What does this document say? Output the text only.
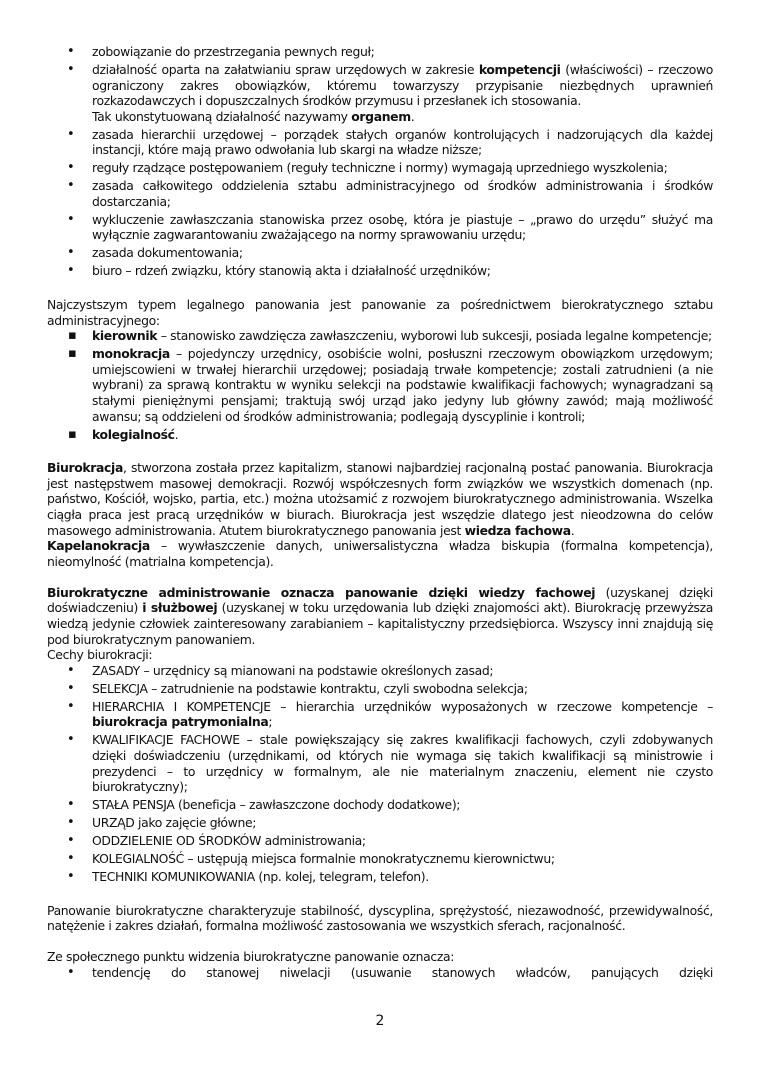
• zobowiązanie do przestrzegania pewnych reguł;
• działalność oparta na załatwianiu spraw urzędowych w zakresie kompetencji (właściwości) – rzeczowo ograniczony zakres obowiązków, któremu towarzyszy przypisanie niezbędnych uprawnień rozkazodawczych i dopuszczalnych środków przymusu i przesłanek ich stosowania.
Tak ukonstytuowaną działalność nazywamy organem.
• zasada hierarchii urzędowej – porządek stałych organów kontrolujących i nadzorujących dla każdej instancji, które mają prawo odwołania lub skargi na władze niższe;
• reguły rządzące postępowaniem (reguły techniczne i normy) wymagają uprzedniego wyszkolenia;
• zasada całkowitego oddzielenia sztabu administracyjnego od środków administrowania i środków dostarczania;
• wykluczenie zawłaszczania stanowiska przez osobę, która je piastuje – „prawo do urzędu” służyć ma wyłącznie zagwarantowaniu zważającego na normy sprawowaniu urzędu;
• zasada dokumentowania;
• biuro – rdzeń związku, który stanowią akta i działalność urzędników;

Najczystszym typem legalnego panowania jest panowanie za pośrednictwem bierokratycznego sztabu administracyjnego:

▪ kierownik – stanowisko zawdzięcza zawłaszczeniu, wyborowi lub sukcesji, posiada legalne kompetencje;
▪ monokracja – pojedynczy urzędnicy, osobiście wolni, posłuszni rzeczowym obowiązkom urzędowym; umiejscowieni w trwałej hierarchii urzędowej; posiadają trwałe kompetencje; zostali zatrudnieni (a nie wybrani) za sprawą kontraktu w wyniku selekcji na podstawie kwalifikacji fachowych; wynagradzani są stałymi pieniężnymi pensjami; traktują swój urząd jako jedyny lub główny zawód; mają możliwość awansu; są oddzieleni od środków administrowania; podlegają dyscyplinie i kontroli;
▪ kolegialność.

Biurokracja, stworzona została przez kapitalizm, stanowi najbardziej racjonalną postać panowania. Biurokracja jest następstwem masowej demokracji. Rozwój współczesnych form związków we wszystkich domenach (np. państwo, Kościół, wojsko, partia, etc.) można utożsamić z rozwojem biurokratycznego administrowania. Wszelka ciągła praca jest pracą urzędników w biurach. Biurokracja jest wszędzie dlatego jest nieodzowna do celów masowego administrowania. Atutem biurokratycznego panowania jest wiedza fachowa.

Kapelanokracja – wywłaszczenie danych, uniwersalistyczna władza biskupia (formalna kompetencja), nieomylność (matrialna kompetencja).

Biurokratyczne administrowanie oznacza panowanie dzięki wiedzy fachowej (uzyskanej dzięki doświadczeniu) i służbowej (uzyskanej w toku urzędowania lub dzięki znajomości akt). Biurokrację przewyższa wiedzą jedynie człowiek zainteresowany zarabianiem – kapitalistyczny przedsiębiorca. Wszyscy inni znajdują się pod biurokratycznym panowaniem.

Cechy biurokracji:

• ZASADY – urzędnicy są mianowani na podstawie określonych zasad;
• SELEKCJA – zatrudnienie na podstawie kontraktu, czyli swobodna selekcja;
• HIERARCHIA I KOMPETENCJE – hierarchia urzędników wyposażonych w rzeczowe kompetencje – biurokracja patrymonialna;
• KWALIFIKACJE FACHOWE – stale powiększający się zakres kwalifikacji fachowych, czyli zdobywanych dzięki doświadczeniu (urzędnikami, od których nie wymaga się takich kwalifikacji są ministrowie i prezydenci – to urzędnicy w formalnym, ale nie materialnym znaczeniu, element nie czysto biurokratyczny);
• STAŁA PENSJA (beneficja – zawłaszczone dochody dodatkowe);
• URZĄD jako zajęcie główne;
• ODDZIELENIE OD ŚRODKÓW administrowania;
• KOLEGIALNOŚĆ – ustępują miejsca formalnie monokratycznemu kierownictwu;
• TECHNIKI KOMUNIKOWANIA (np. kolej, telegram, telefon).

Panowanie biurokratyczne charakteryzuje stabilność, dyscyplina, sprężystość, niezawodność, przewidywalność, natężenie i zakres działań, formalna możliwość zastosowania we wszystkich sferach, racjonalność.

Ze społecznego punktu widzenia biurokratyczne panowanie oznacza:

• tendencję do stanowej niwelacji (usuwanie stanowych władców, panujących dzięki
2
